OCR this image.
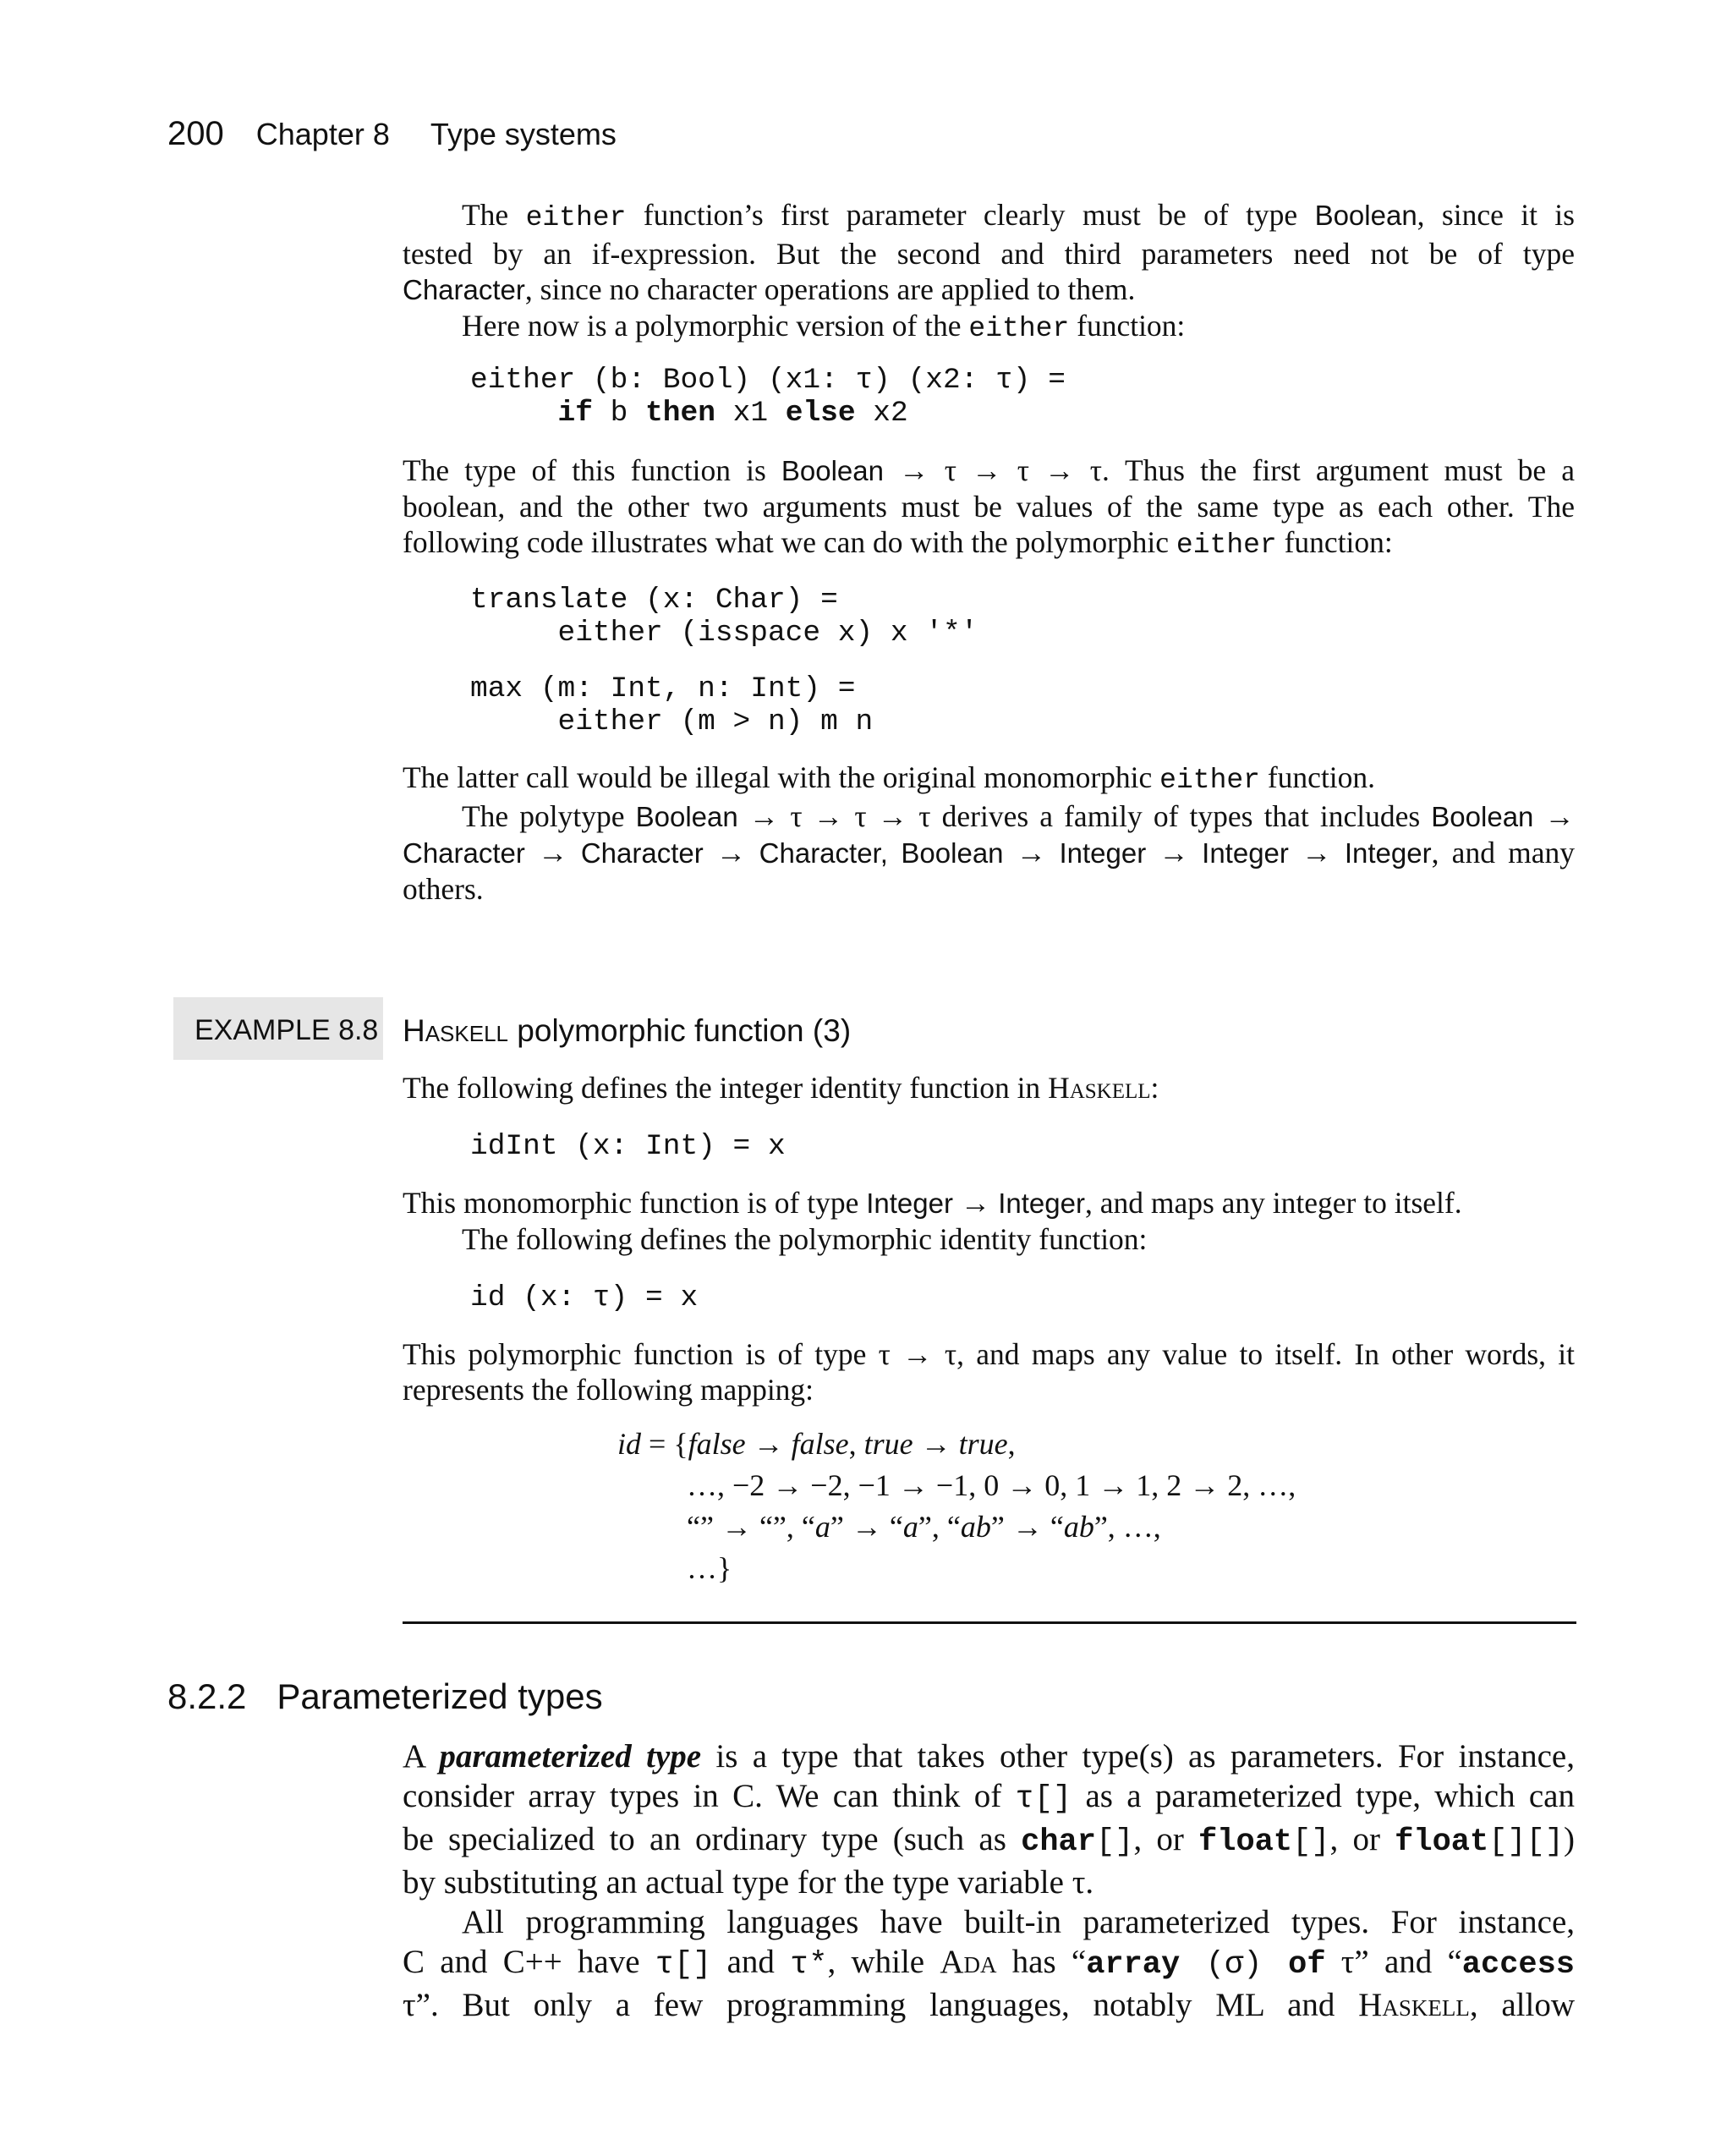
200 Chapter 8 Type systems

The either function’s first parameter clearly must be of type Boolean, since it is
tested by an if-expression. But the second and third parameters need not be of type
Character, since no character operations are applied to them.
Here now is a polymorphic version of the either function:

either (b: Bool) (x1: τ) (x2: τ) =
if b then x1 else x2

The type of this function is Boolean → τ → τ → τ. Thus the first argument must be a
boolean, and the other two arguments must be values of the same type as each other. The
following code illustrates what we can do with the polymorphic either function:

translate (x: Char) =
either (isspace x) x '*'
max (m: Int, n: Int) =
either (m > n) m n

The latter call would be illegal with the original monomorphic either function.
The polytype Boolean → τ → τ → τ derives a family of types that includes Boolean →
Character → Character → Character, Boolean → Integer → Integer → Integer, and many
others.

EXAMPLE 8.8 Haskell polymorphic function (3)

The following defines the integer identity function in Haskell:

idInt (x: Int) = x

This monomorphic function is of type Integer → Integer, and maps any integer to itself.
The following defines the polymorphic identity function:

id (x: τ) = x

This polymorphic function is of type τ → τ, and maps any value to itself. In other words, it
represents the following mapping:

id = {false → false, true → true,
…, −2 → −2, −1 → −1, 0 → 0, 1 → 1, 2 → 2, …,
“” → “”, “a” → “a”, “ab” → “ab”, …,
…}
8.2.2 Parameterized types

A parameterized type is a type that takes other type(s) as parameters. For instance,
consider array types in C. We can think of τ[] as a parameterized type, which can
be specialized to an ordinary type (such as char[], or float[], or float[][])
by substituting an actual type for the type variable τ.
All programming languages have built-in parameterized types. For instance,
C and C++ have τ[] and τ*, while Ada has “array (σ) of τ” and “access
τ”. But only a few programming languages, notably ML and Haskell, allow
